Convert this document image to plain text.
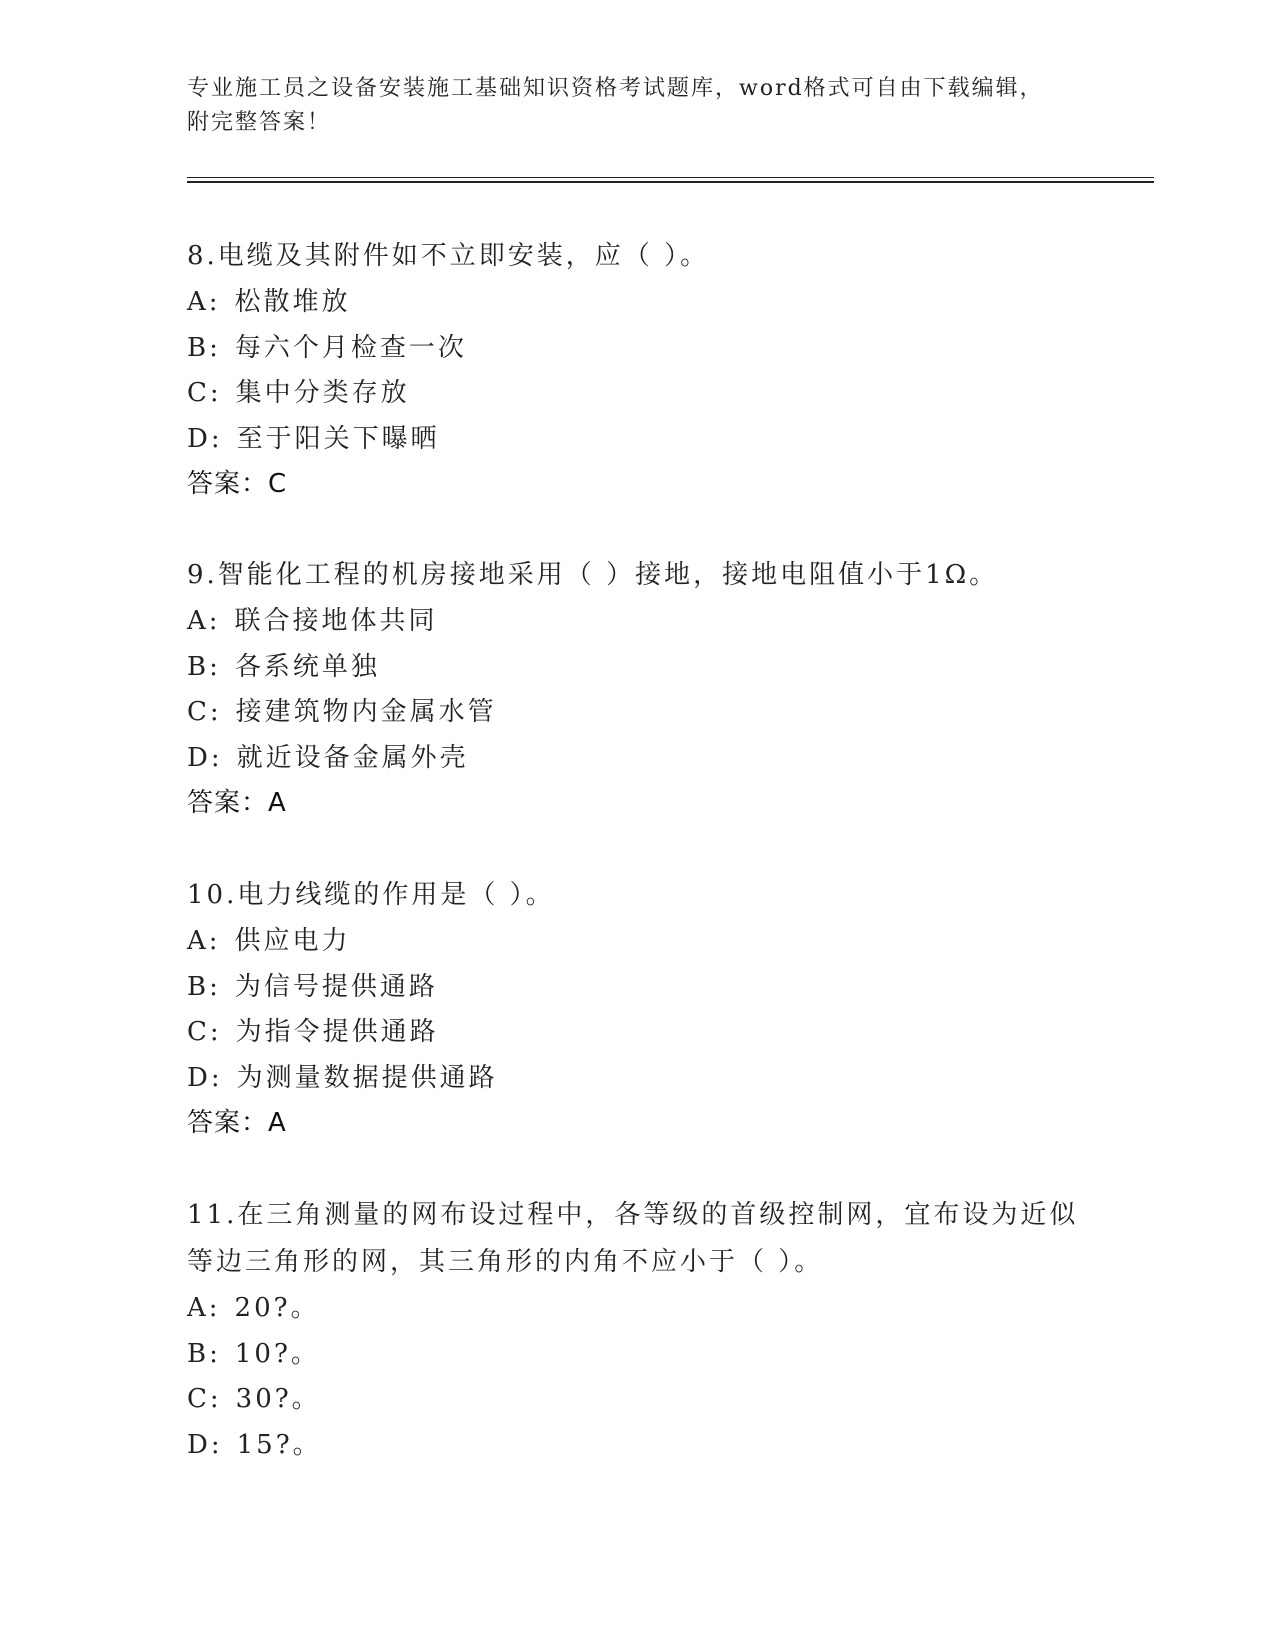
专业施工员之设备安装施工基础知识资格考试题库，word格式可自由下载编辑，
附完整答案！
8.电缆及其附件如不立即安装，应（ ）。
A: 松散堆放
B: 每六个月检查一次
C: 集中分类存放
D: 至于阳关下曝晒
答案：C
9.智能化工程的机房接地采用（ ）接地，接地电阻值小于1Ω。
A: 联合接地体共同
B: 各系统单独
C: 接建筑物内金属水管
D: 就近设备金属外壳
答案：A
10.电力线缆的作用是（ ）。
A: 供应电力
B: 为信号提供通路
C: 为指令提供通路
D: 为测量数据提供通路
答案：A
11.在三角测量的网布设过程中，各等级的首级控制网，宜布设为近似
等边三角形的网，其三角形的内角不应小于（ ）。
A: 20?。
B: 10?。
C: 30?。
D: 15?。
